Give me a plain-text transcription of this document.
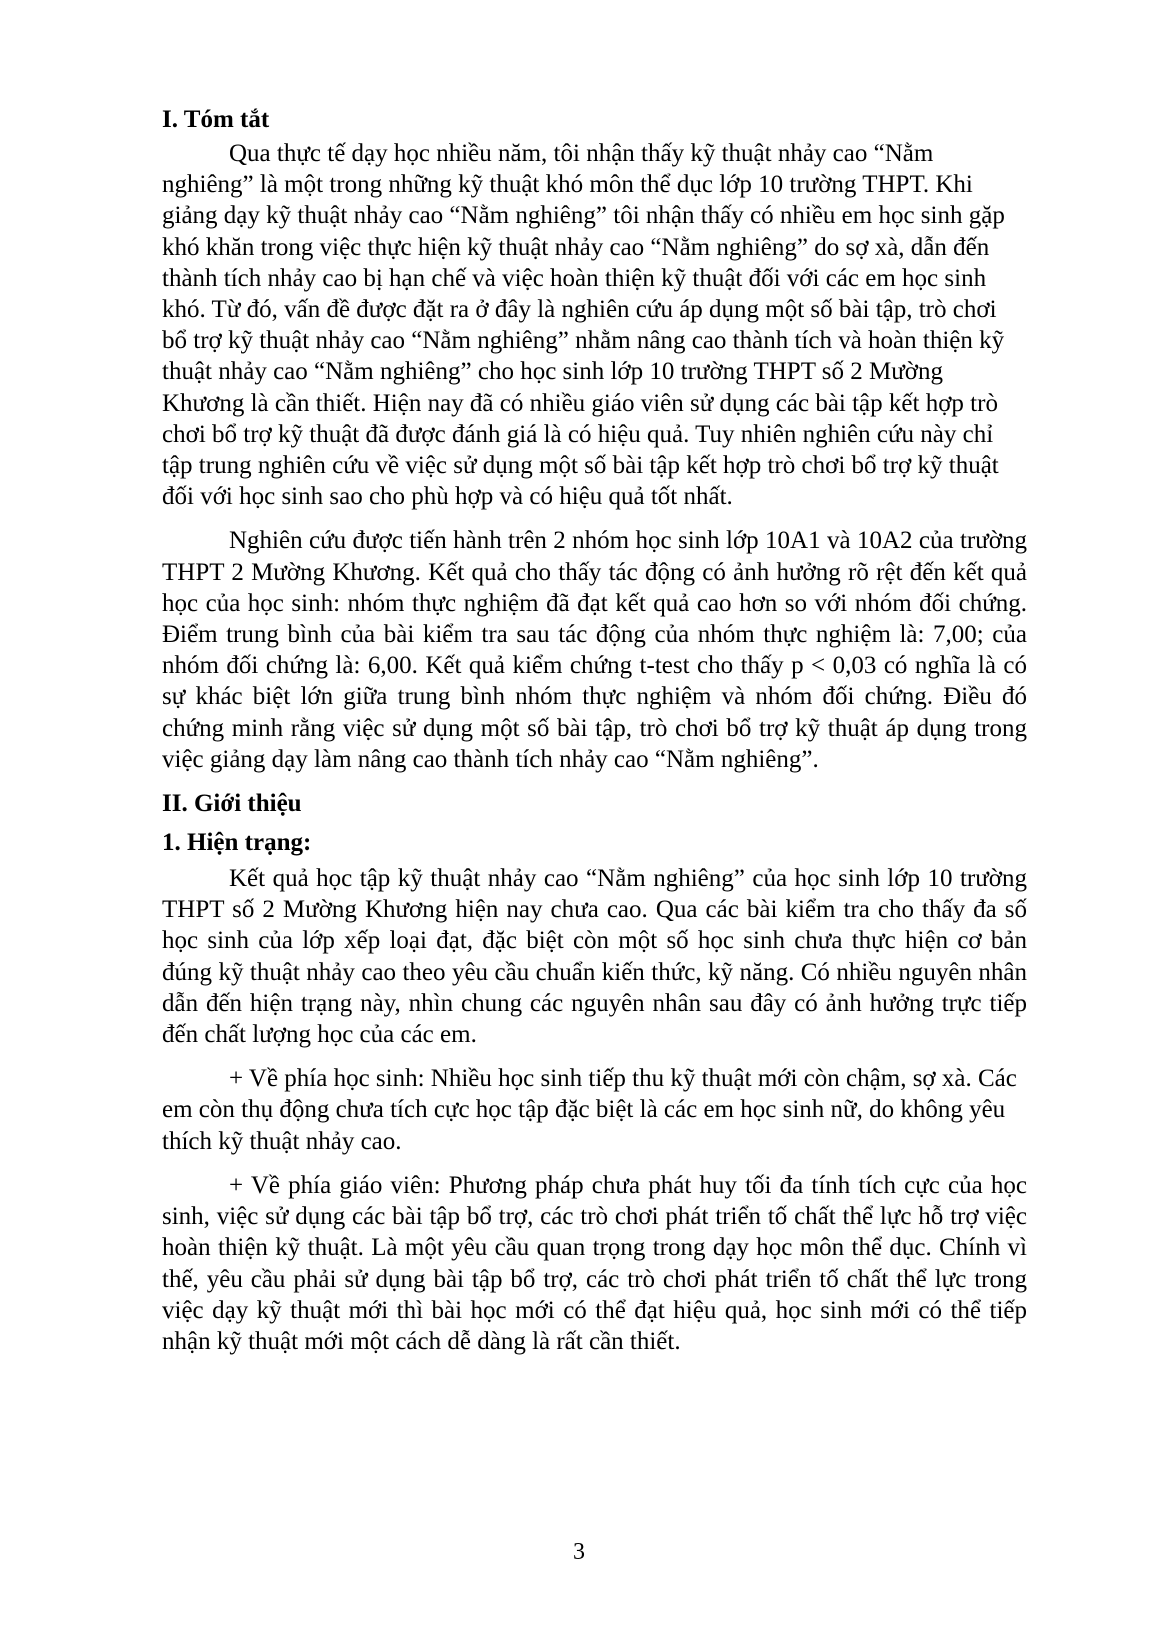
I. Tóm tắt

Qua thực tế dạy học nhiều năm, tôi nhận thấy kỹ thuật nhảy cao “Nằm nghiêng” là một trong những kỹ thuật khó môn thể dục lớp 10 trường THPT. Khi giảng dạy kỹ thuật nhảy cao “Nằm nghiêng” tôi nhận thấy có nhiều em học sinh gặp khó khăn trong việc thực hiện kỹ thuật nhảy cao “Nằm nghiêng” do sợ xà, dẫn đến thành tích nhảy cao bị hạn chế và việc hoàn thiện kỹ thuật đối với các em học sinh khó. Từ đó, vấn đề được đặt ra ở đây là nghiên cứu áp dụng một số bài tập, trò chơi bổ trợ kỹ thuật nhảy cao “Nằm nghiêng” nhằm nâng cao thành tích và hoàn thiện kỹ thuật nhảy cao “Nằm nghiêng” cho học sinh lớp 10 trường THPT số 2 Mường Khương là cần thiết. Hiện nay đã có nhiều giáo viên sử dụng các bài tập kết hợp trò chơi bổ trợ kỹ thuật đã được đánh giá là có hiệu quả. Tuy nhiên nghiên cứu này chỉ tập trung nghiên cứu về việc sử dụng một số bài tập kết hợp trò chơi bổ trợ kỹ thuật đối với học sinh sao cho phù hợp và có hiệu quả tốt nhất.

Nghiên cứu được tiến hành trên 2 nhóm học sinh lớp 10A1 và 10A2 của trường THPT 2 Mường Khương. Kết quả cho thấy tác động có ảnh hưởng rõ rệt đến kết quả học của học sinh: nhóm thực nghiệm đã đạt kết quả cao hơn so với nhóm đối chứng. Điểm trung bình của bài kiểm tra sau tác động của nhóm thực nghiệm là: 7,00; của nhóm đối chứng là: 6,00. Kết quả kiểm chứng t-test cho thấy p < 0,03 có nghĩa là có sự khác biệt lớn giữa trung bình nhóm thực nghiệm và nhóm đối chứng. Điều đó chứng minh rằng việc sử dụng một số bài tập, trò chơi bổ trợ kỹ thuật áp dụng trong việc giảng dạy làm nâng cao thành tích nhảy cao “Nằm nghiêng”.

II. Giới thiệu
1. Hiện trạng:

Kết quả học tập kỹ thuật nhảy cao “Nằm nghiêng” của học sinh lớp 10 trường THPT số 2 Mường Khương hiện nay chưa cao. Qua các bài kiểm tra cho thấy đa số học sinh của lớp xếp loại đạt, đặc biệt còn một số học sinh chưa thực hiện cơ bản đúng kỹ thuật nhảy cao theo yêu cầu chuẩn kiến thức, kỹ năng. Có nhiều nguyên nhân dẫn đến hiện trạng này, nhìn chung các nguyên nhân sau đây có ảnh hưởng trực tiếp đến chất lượng học của các em.

+ Về phía học sinh: Nhiều học sinh tiếp thu kỹ thuật mới còn chậm, sợ xà. Các em còn thụ động chưa tích cực học tập đặc biệt là các em học sinh nữ, do không yêu thích kỹ thuật nhảy cao.

+ Về phía giáo viên: Phương pháp chưa phát huy tối đa tính tích cực của học sinh, việc sử dụng các bài tập bổ trợ, các trò chơi phát triển tố chất thể lực hỗ trợ việc hoàn thiện kỹ thuật. Là một yêu cầu quan trọng trong dạy học môn thể dục. Chính vì thế, yêu cầu phải sử dụng bài tập bổ trợ, các trò chơi phát triển tố chất thể lực trong việc dạy kỹ thuật mới thì bài học mới có thể đạt hiệu quả, học sinh mới có thể tiếp nhận kỹ thuật mới một cách dễ dàng là rất cần thiết.

3
